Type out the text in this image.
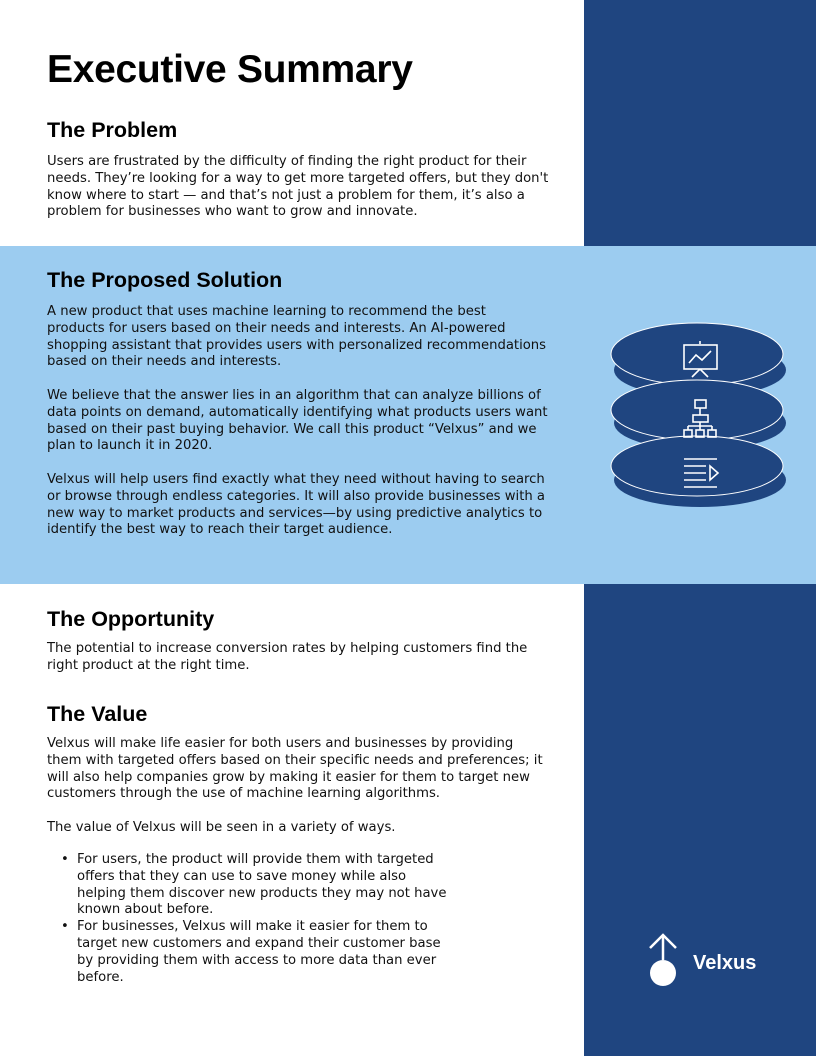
Executive Summary
The Problem

Users are frustrated by the difficulty of finding the right product for their needs. They’re looking for a way to get more targeted offers, but they don't know where to start — and that’s not just a problem for them, it’s also a problem for businesses who want to grow and innovate.

The Proposed Solution

A new product that uses machine learning to recommend the best products for users based on their needs and interests. An AI-powered shopping assistant that provides users with personalized recommendations based on their needs and interests.

We believe that the answer lies in an algorithm that can analyze billions of data points on demand, automatically identifying what products users want based on their past buying behavior. We call this product “Velxus” and we plan to launch it in 2020.

Velxus will help users find exactly what they need without having to search or browse through endless categories. It will also provide businesses with a new way to market products and services—by using predictive analytics to identify the best way to reach their target audience.

The Opportunity

The potential to increase conversion rates by helping customers find the right product at the right time.

The Value

Velxus will make life easier for both users and businesses by providing them with targeted offers based on their specific needs and preferences; it will also help companies grow by making it easier for them to target new customers through the use of machine learning algorithms.

The value of Velxus will be seen in a variety of ways.

• For users, the product will provide them with targeted offers that they can use to save money while also helping them discover new products they may not have known about before.
• For businesses, Velxus will make it easier for them to target new customers and expand their customer base by providing them with access to more data than ever before.
Velxus
